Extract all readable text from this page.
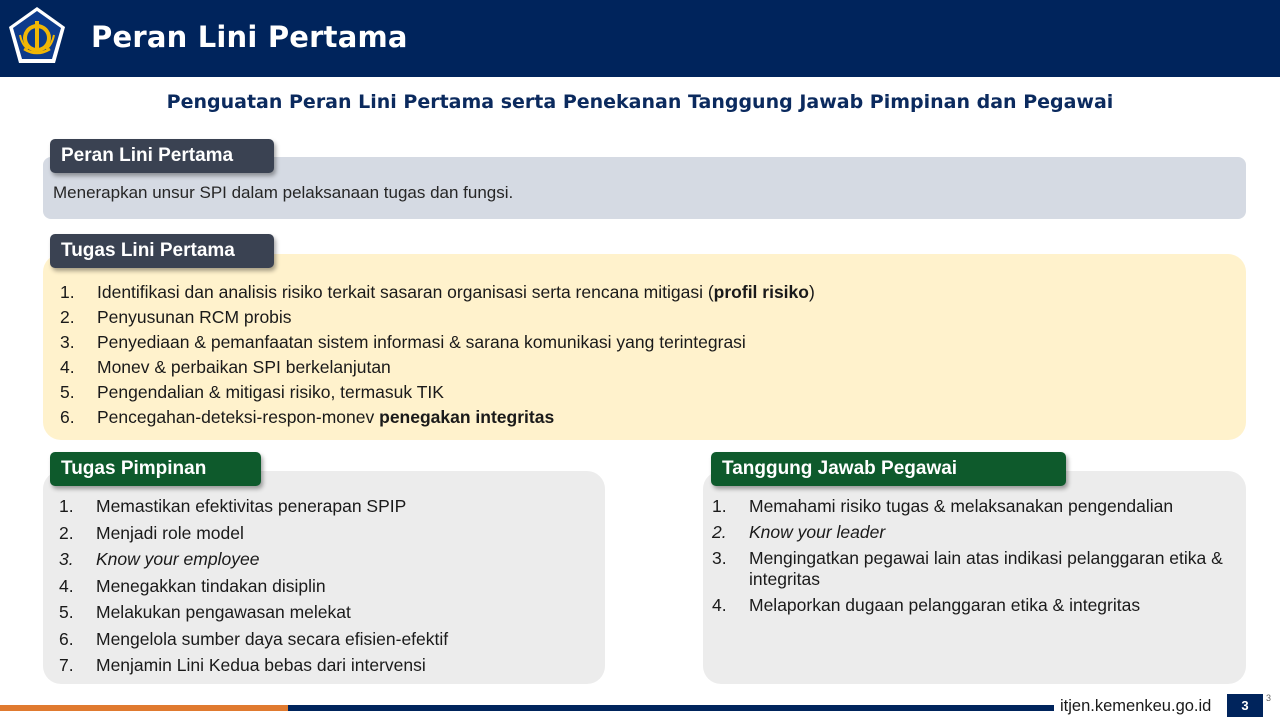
Peran Lini Pertama
Penguatan Peran Lini Pertama serta Penekanan Tanggung Jawab Pimpinan dan Pegawai
Menerapkan unsur SPI dalam pelaksanaan tugas dan fungsi.
Peran Lini Pertama
1.	Identifikasi dan analisis risiko terkait sasaran organisasi serta rencana mitigasi (profil risiko)
2.	Penyusunan RCM probis
3.	Penyediaan & pemanfaatan sistem informasi & sarana komunikasi yang terintegrasi
4.	Monev & perbaikan SPI berkelanjutan
5.	Pengendalian & mitigasi risiko, termasuk TIK
6.	Pencegahan-deteksi-respon-monev penegakan integritas
Tugas Lini Pertama
1.	Memastikan efektivitas penerapan SPIP
2.	Menjadi role model
3.	Know your employee
4.	Menegakkan tindakan disiplin
5.	Melakukan pengawasan melekat
6.	Mengelola sumber daya secara efisien-efektif
7.	Menjamin Lini Kedua bebas dari intervensi
Tugas Pimpinan
1.	Memahami risiko tugas & melaksanakan pengendalian
2.	Know your leader
3.	Mengingatkan pegawai lain atas indikasi pelanggaran etika & integritas
4.	Melaporkan dugaan pelanggaran etika & integritas
Tanggung Jawab Pegawai
itjen.kemenkeu.go.id	3	3
